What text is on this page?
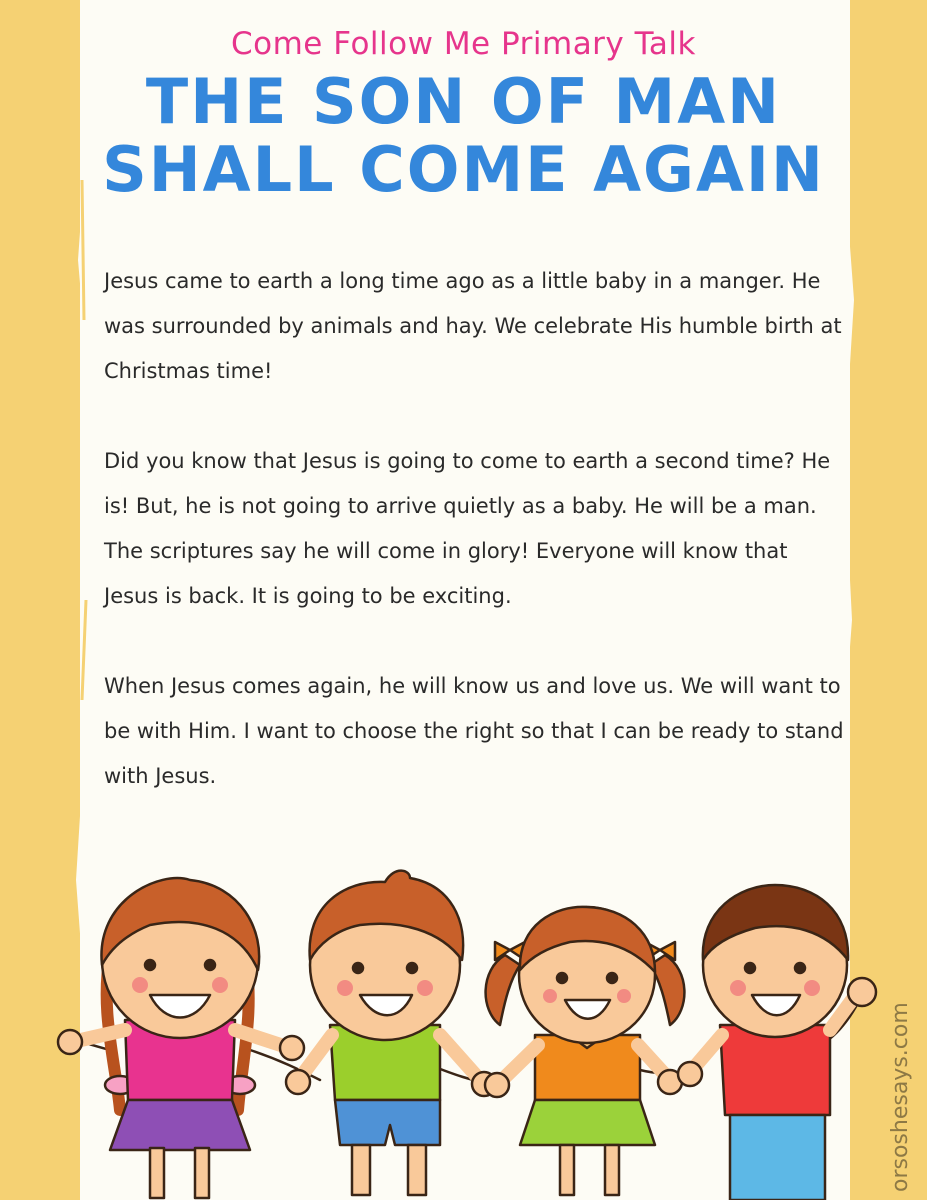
Come Follow Me Primary Talk
THE SON OF MAN
SHALL COME AGAIN

Jesus came to earth a long time ago as a little baby in a manger. He was surrounded by animals and hay. We celebrate His humble birth at Christmas time!

Did you know that Jesus is going to come to earth a second time? He is! But, he is not going to arrive quietly as a baby. He will be a man. The scriptures say he will come in glory! Everyone will know that Jesus is back. It is going to be exciting.

When Jesus comes again, he will know us and love us. We will want to be with Him. I want to choose the right so that I can be ready to stand with Jesus.

orsoshesays.com
